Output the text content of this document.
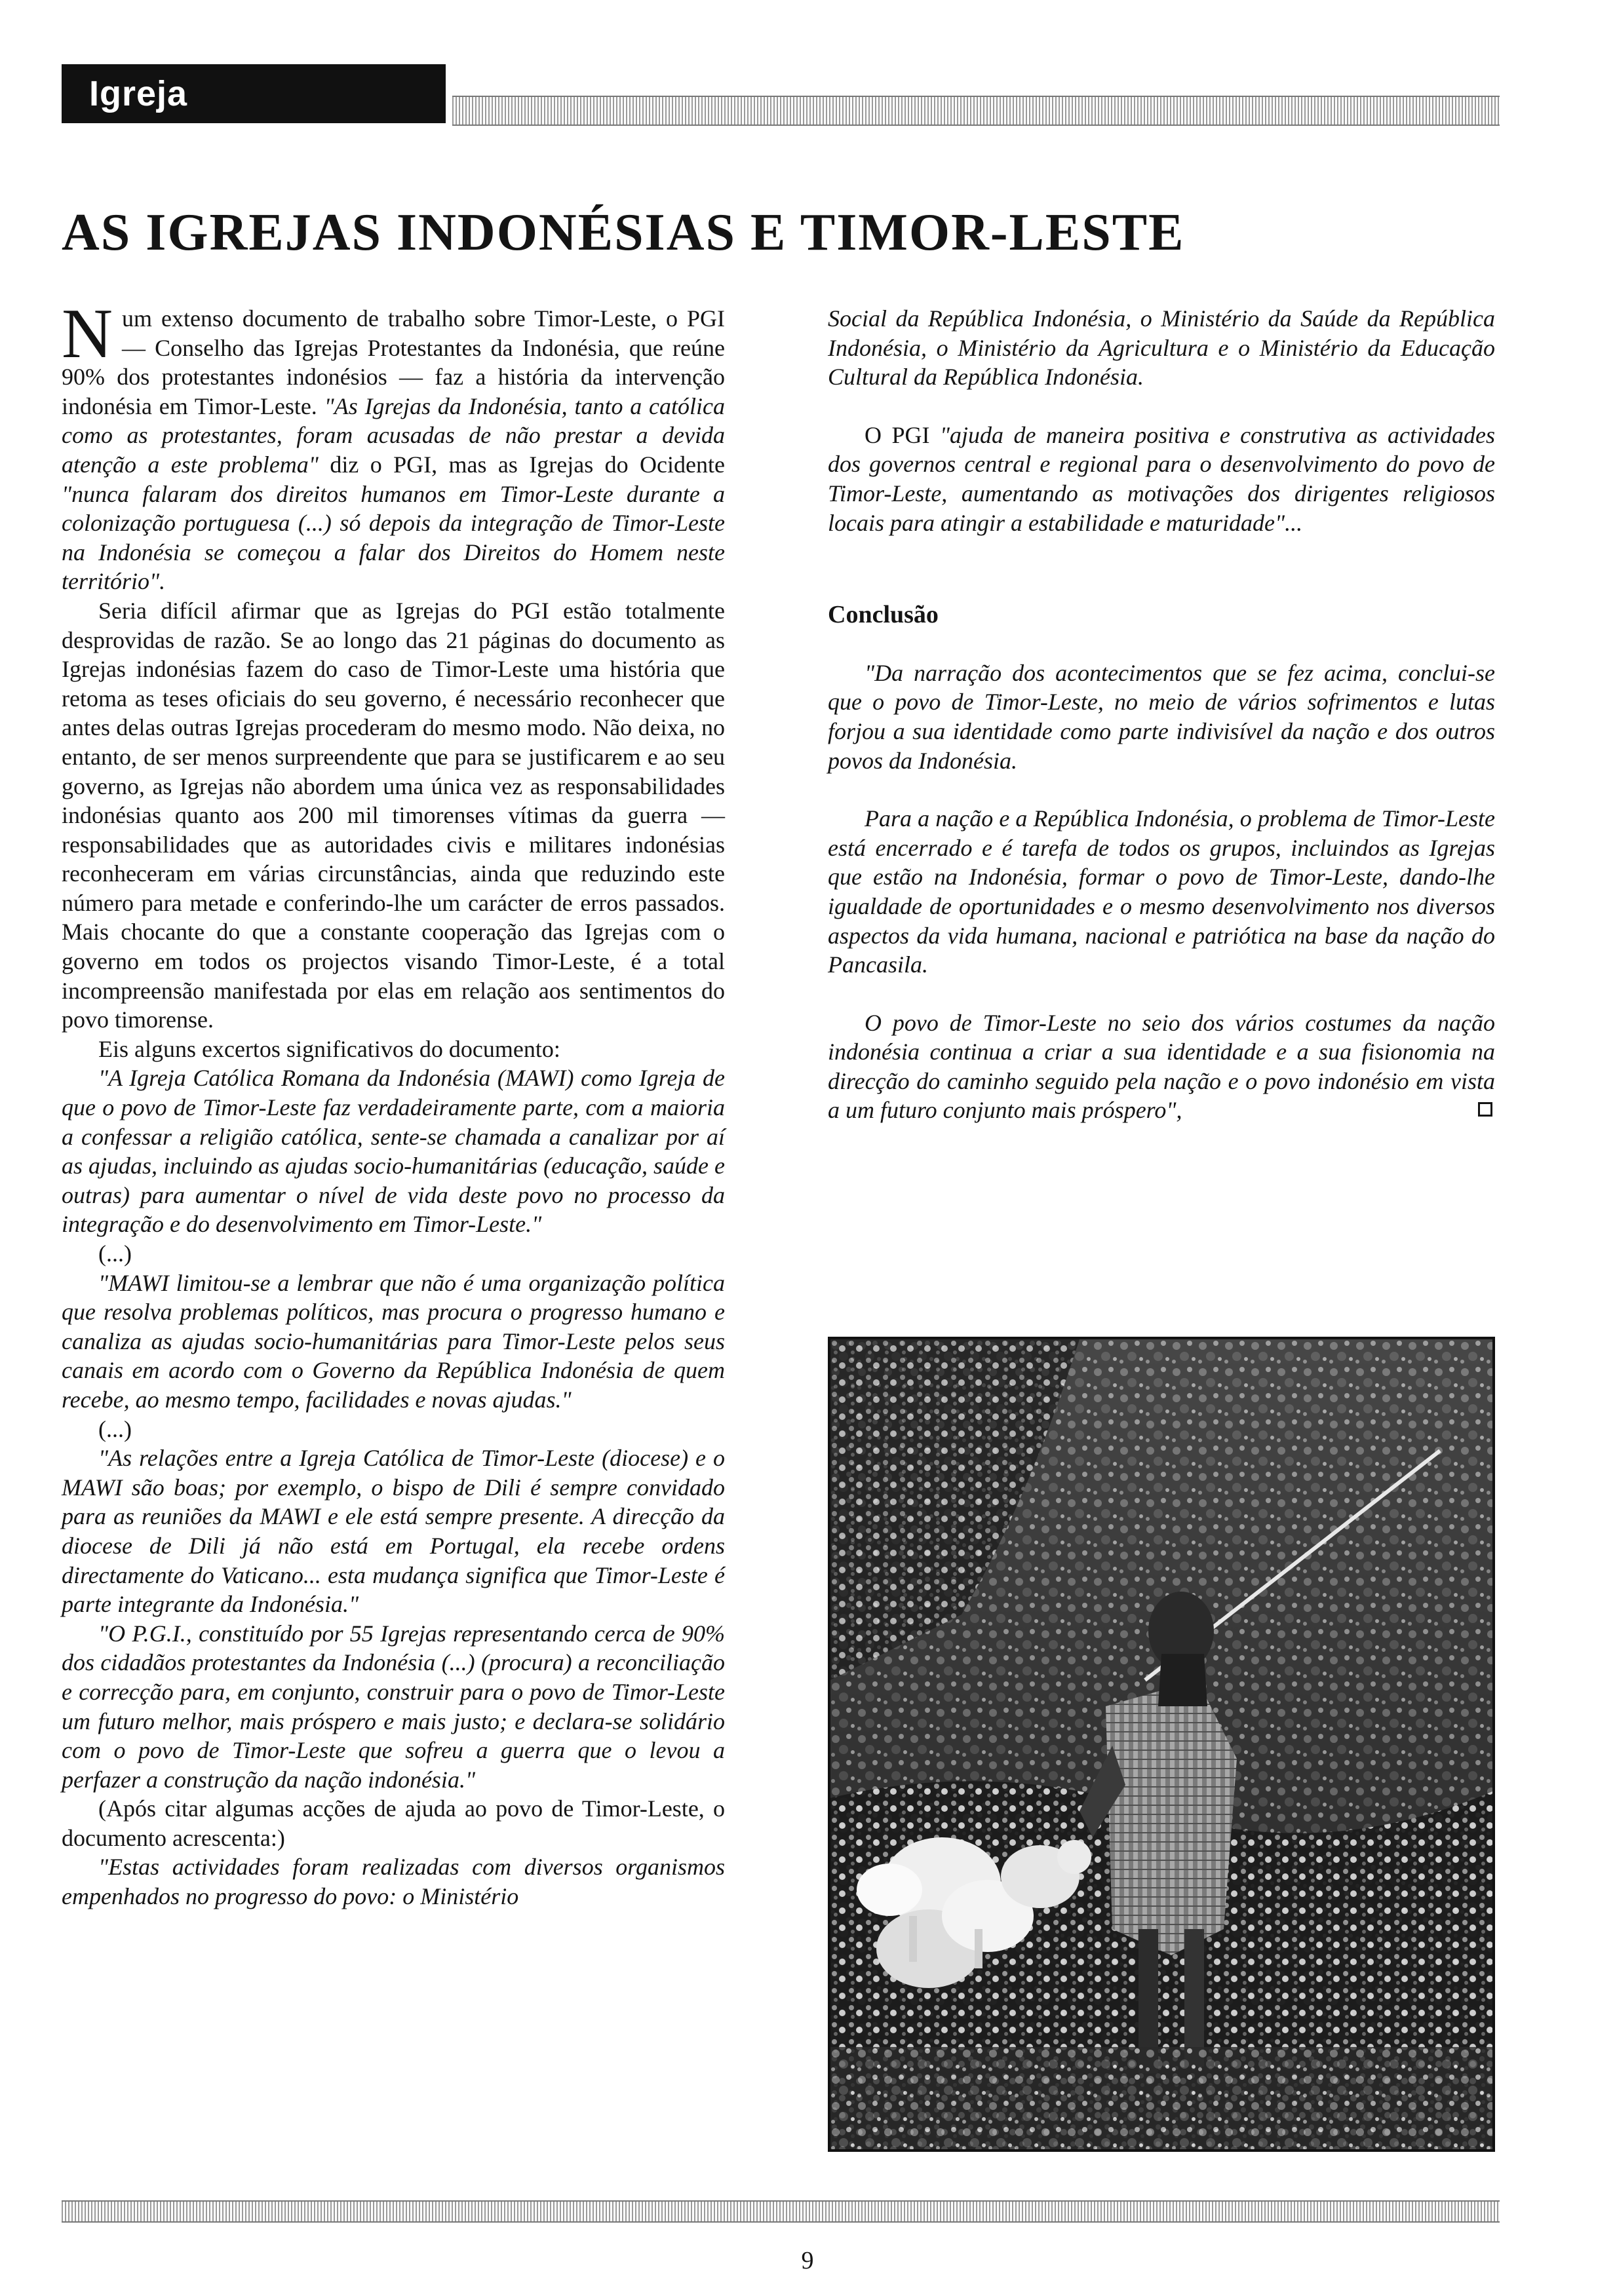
Igreja
AS IGREJAS INDONÉSIAS E TIMOR-LESTE

Num extenso documento de trabalho sobre Timor-Leste, o PGI — Conselho das Igrejas Protestantes da Indonésia, que reúne 90% dos protestantes indonésios — faz a história da intervenção indonésia em Timor-Leste. "As Igrejas da Indonésia, tanto a católica como as protestantes, foram acusadas de não prestar a devida atenção a este problema" diz o PGI, mas as Igrejas do Ocidente "nunca falaram dos direitos humanos em Timor-Leste durante a colonização portuguesa (...) só depois da integração de Timor-Leste na Indonésia se começou a falar dos Direitos do Homem neste território".

Seria difícil afirmar que as Igrejas do PGI estão totalmente desprovidas de razão. Se ao longo das 21 páginas do documento as Igrejas indonésias fazem do caso de Timor-Leste uma história que retoma as teses oficiais do seu governo, é necessário reconhecer que antes delas outras Igrejas procederam do mesmo modo. Não deixa, no entanto, de ser menos surpreendente que para se justificarem e ao seu governo, as Igrejas não abordem uma única vez as responsabilidades indonésias quanto aos 200 mil timorenses vítimas da guerra — responsabilidades que as autoridades civis e militares indonésias reconheceram em várias circunstâncias, ainda que reduzindo este número para metade e conferindo-lhe um carácter de erros passados. Mais chocante do que a constante cooperação das Igrejas com o governo em todos os projectos visando Timor-Leste, é a total incompreensão manifestada por elas em relação aos sentimentos do povo timorense.

Eis alguns excertos significativos do documento:

"A Igreja Católica Romana da Indonésia (MAWI) como Igreja de que o povo de Timor-Leste faz verdadeiramente parte, com a maioria a confessar a religião católica, sente-se chamada a canalizar por aí as ajudas, incluindo as ajudas socio-humanitárias (educação, saúde e outras) para aumentar o nível de vida deste povo no processo da integração e do desenvolvimento em Timor-Leste."

(...)

"MAWI limitou-se a lembrar que não é uma organização política que resolva problemas políticos, mas procura o progresso humano e canaliza as ajudas socio-humanitárias para Timor-Leste pelos seus canais em acordo com o Governo da República Indonésia de quem recebe, ao mesmo tempo, facilidades e novas ajudas."

(...)

"As relações entre a Igreja Católica de Timor-Leste (diocese) e o MAWI são boas; por exemplo, o bispo de Dili é sempre convidado para as reuniões da MAWI e ele está sempre presente. A direcção da diocese de Dili já não está em Portugal, ela recebe ordens directamente do Vaticano... esta mudança significa que Timor-Leste é parte integrante da Indonésia."

"O P.G.I., constituído por 55 Igrejas representando cerca de 90% dos cidadãos protestantes da Indonésia (...) (procura) a reconciliação e correcção para, em conjunto, construir para o povo de Timor-Leste um futuro melhor, mais próspero e mais justo; e declara-se solidário com o povo de Timor-Leste que sofreu a guerra que o levou a perfazer a construção da nação indonésia."

(Após citar algumas acções de ajuda ao povo de Timor-Leste, o documento acrescenta:)

"Estas actividades foram realizadas com diversos organismos empenhados no progresso do povo: o Ministério

Social da República Indonésia, o Ministério da Saúde da República Indonésia, o Ministério da Agricultura e o Ministério da Educação Cultural da República Indonésia.

O PGI "ajuda de maneira positiva e construtiva as actividades dos governos central e regional para o desenvolvimento do povo de Timor-Leste, aumentando as motivações dos dirigentes religiosos locais para atingir a estabilidade e maturidade"...

Conclusão

"Da narração dos acontecimentos que se fez acima, conclui-se que o povo de Timor-Leste, no meio de vários sofrimentos e lutas forjou a sua identidade como parte indivisível da nação e dos outros povos da Indonésia.

Para a nação e a República Indonésia, o problema de Timor-Leste está encerrado e é tarefa de todos os grupos, incluindos as Igrejas que estão na Indonésia, formar o povo de Timor-Leste, dando-lhe igualdade de oportunidades e o mesmo desenvolvimento nos diversos aspectos da vida humana, nacional e patriótica na base da nação do Pancasila.

O povo de Timor-Leste no seio dos vários costumes da nação indonésia continua a criar a sua identidade e a sua fisionomia na direcção do caminho seguido pela nação e o povo indonésio em vista a um futuro conjunto mais próspero",

9
